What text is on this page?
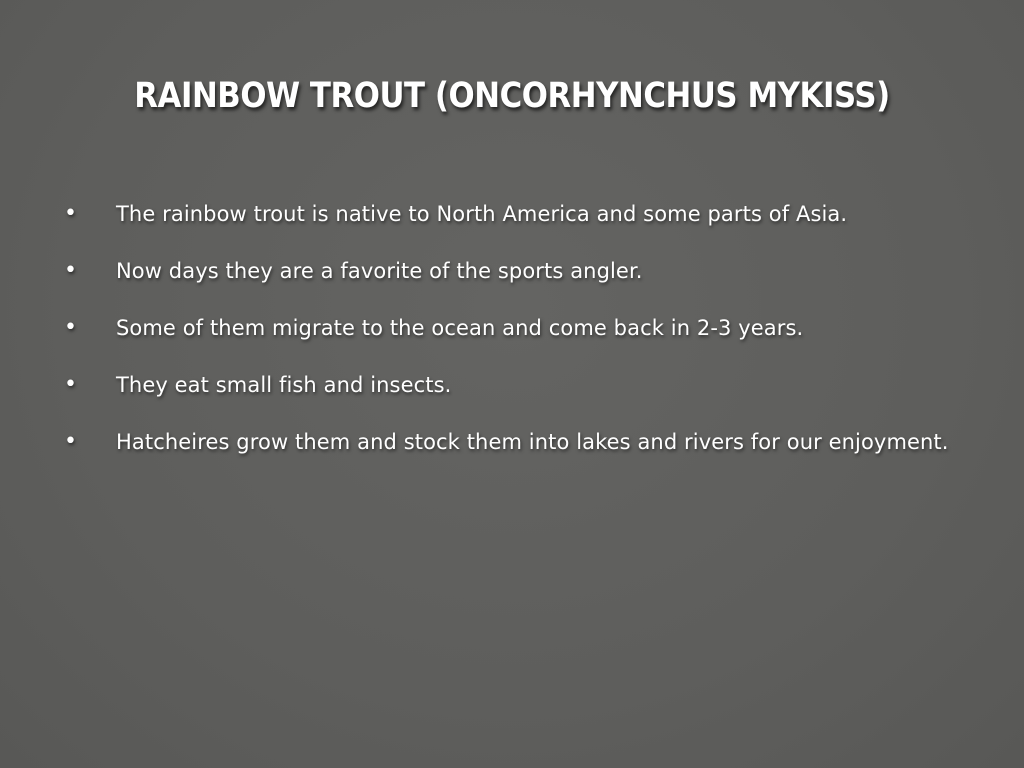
RAINBOW TROUT (ONCORHYNCHUS MYKISS)
• The rainbow trout is native to North America and some parts of Asia.
• Now days they are a favorite of the sports angler.
• Some of them migrate to the ocean and come back in 2-3 years.
• They eat small fish and insects.
• Hatcheires grow them and stock them into lakes and rivers for our enjoyment.
